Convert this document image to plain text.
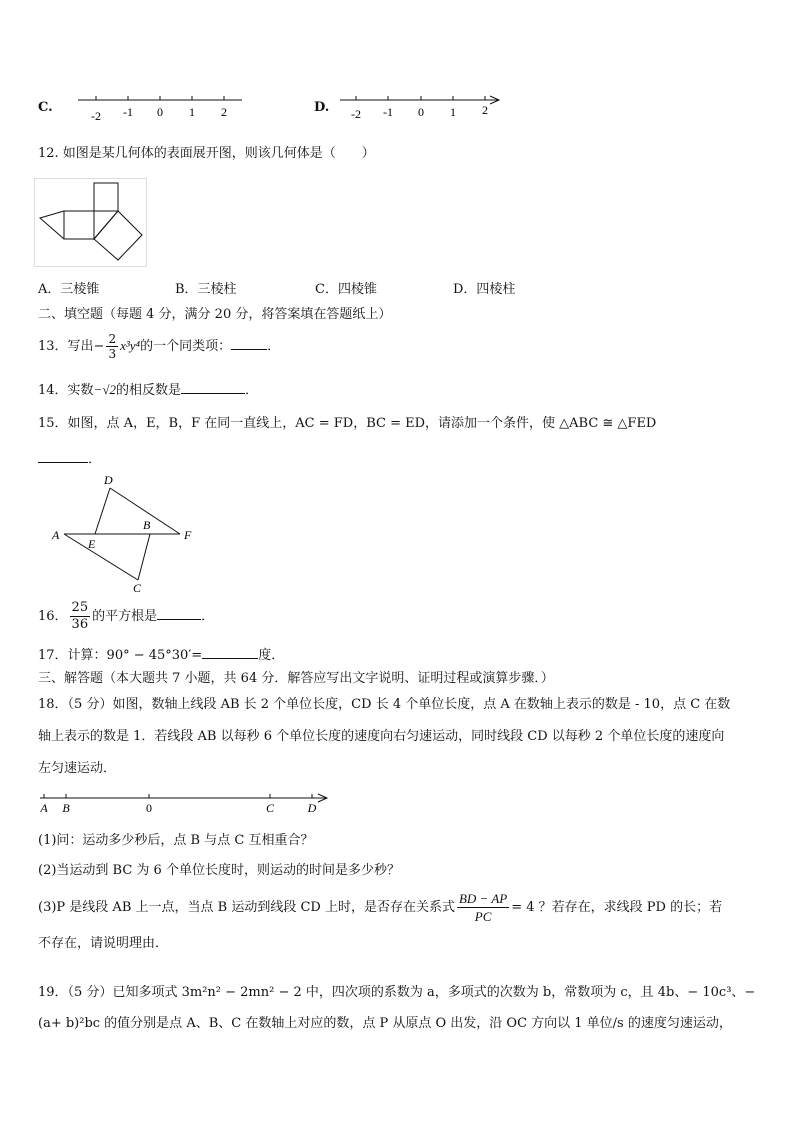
C.
-2 -1 0 1 2	D. -2 -1 0 1 2
12. 如图是某几何体的表面展开图，则该几何体是（　　）
A．三棱锥	B．三棱柱	C．四棱锥	D．四棱柱
二、填空题（每题 4 分，满分 20 分，将答案填在答题纸上）
13．写出− $\frac{2}{3} x^3y^4$的一个同类项：	．
14．实数−√2的相反数是	．
15．如图，点 A，E，B，F 在同一直线上，AC = FD，BC = ED，请添加一个条件，使 △ABC ≅ △FED
．
A
E
B
F
D
C
16． $\frac{25}{36}$ 的平方根是	．
17．计算：90° − 45°30′=	度．
三、解答题（本大题共 7 小题，共 64 分．解答应写出文字说明、证明过程或演算步骤．）
18．（5 分）如图，数轴上线段 AB 长 2 个单位长度，CD 长 4 个单位长度，点 A 在数轴上表示的数是 - 10，点 C 在数
轴上表示的数是 1．若线段 AB 以每秒 6 个单位长度的速度向右匀速运动，同时线段 CD 以每秒 2 个单位长度的速度向
左匀速运动．
A B	0	C	D
(1)问：运动多少秒后，点 B 与点 C 互相重合？
(2)当运动到 BC 为 6 个单位长度时，则运动的时间是多少秒？
(3)P 是线段 AB 上一点，当点 B 运动到线段 CD 上时，是否存在关系式 $\frac{BD - AP}{PC} = 4$ ？若存在，求线段 PD 的长；若
不存在，请说明理由．
19．（5 分）已知多项式 3m²n² − 2mn² − 2 中，四次项的系数为 a，多项式的次数为 b，常数项为 c，且 4b、− 10c³、−
(a+ b)²bc 的值分别是点 A、B、C 在数轴上对应的数，点 P 从原点 O 出发，沿 OC 方向以 1 单位/s 的速度匀速运动，
